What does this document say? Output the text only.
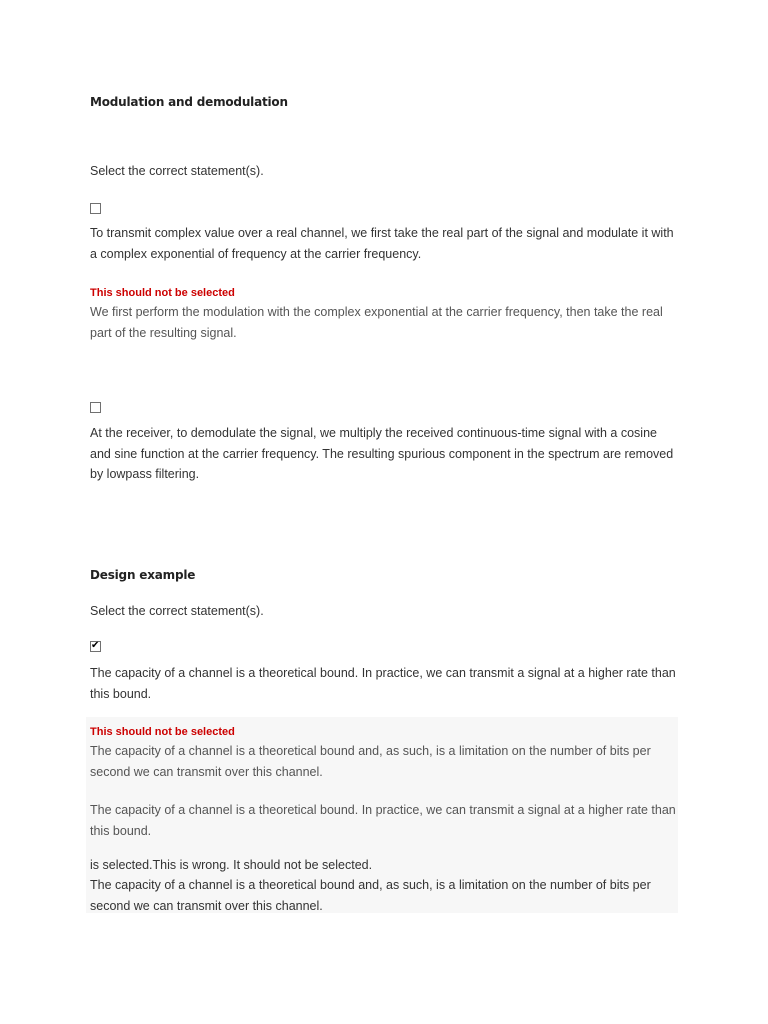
Modulation and demodulation

Select the correct statement(s).

To transmit complex value over a real channel, we first take the real part of the signal and modulate it with a complex exponential of frequency at the carrier frequency.

This should not be selected

We first perform the modulation with the complex exponential at the carrier frequency, then take the real part of the resulting signal.

At the receiver, to demodulate the signal, we multiply the received continuous-time signal with a cosine and sine function at the carrier frequency. The resulting spurious component in the spectrum are removed by lowpass filtering.

Design example

Select the correct statement(s).

✔

The capacity of a channel is a theoretical bound. In practice, we can transmit a signal at a higher rate than this bound.

This should not be selected

The capacity of a channel is a theoretical bound and, as such, is a limitation on the number of bits per second we can transmit over this channel.

The capacity of a channel is a theoretical bound. In practice, we can transmit a signal at a higher rate than this bound.

is selected.This is wrong. It should not be selected.

The capacity of a channel is a theoretical bound and, as such, is a limitation on the number of bits per second we can transmit over this channel.
